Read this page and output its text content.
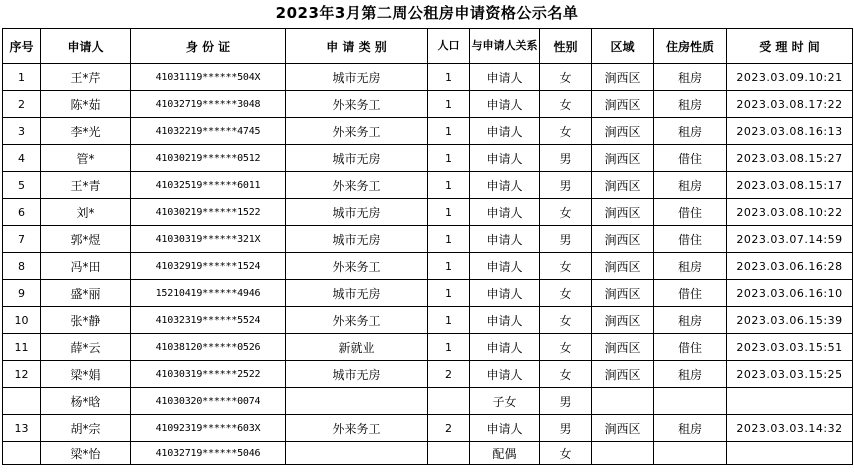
2023年3月第二周公租房申请资格公示名单
序号	申请人	身 份 证	申 请 类 别	人口	与申请人关系	性别	区域	住房性质	受 理 时 间
1	王*芹	41031119******504X	城市无房	1	申请人	女	涧西区	租房	2023.03.09.10:21
2	陈*茹	41032719******3048	外来务工	1	申请人	女	涧西区	租房	2023.03.08.17:22
3	李*光	41032219******4745	外来务工	1	申请人	女	涧西区	租房	2023.03.08.16:13
4	管*	41030219******0512	城市无房	1	申请人	男	涧西区	借住	2023.03.08.15:27
5	王*青	41032519******6011	外来务工	1	申请人	男	涧西区	租房	2023.03.08.15:17
6	刘*	41030219******1522	城市无房	1	申请人	女	涧西区	借住	2023.03.08.10:22
7	郭*煜	41030319******321X	城市无房	1	申请人	男	涧西区	借住	2023.03.07.14:59
8	冯*田	41032919******1524	外来务工	1	申请人	女	涧西区	租房	2023.03.06.16:28
9	盛*丽	15210419******4946	城市无房	1	申请人	女	涧西区	借住	2023.03.06.16:10
10	张*静	41032319******5524	外来务工	1	申请人	女	涧西区	租房	2023.03.06.15:39
11	薛*云	41038120******0526	新就业	1	申请人	女	涧西区	借住	2023.03.03.15:51
12	梁*娟	41030319******2522	城市无房	2	申请人	女	涧西区	租房	2023.03.03.15:25
	杨*晗	41030320******0074			子女	男			
13	胡*宗	41092319******603X	外来务工	2	申请人	男	涧西区	租房	2023.03.03.14:32
	梁*怡	41032719******5046			配偶	女			
